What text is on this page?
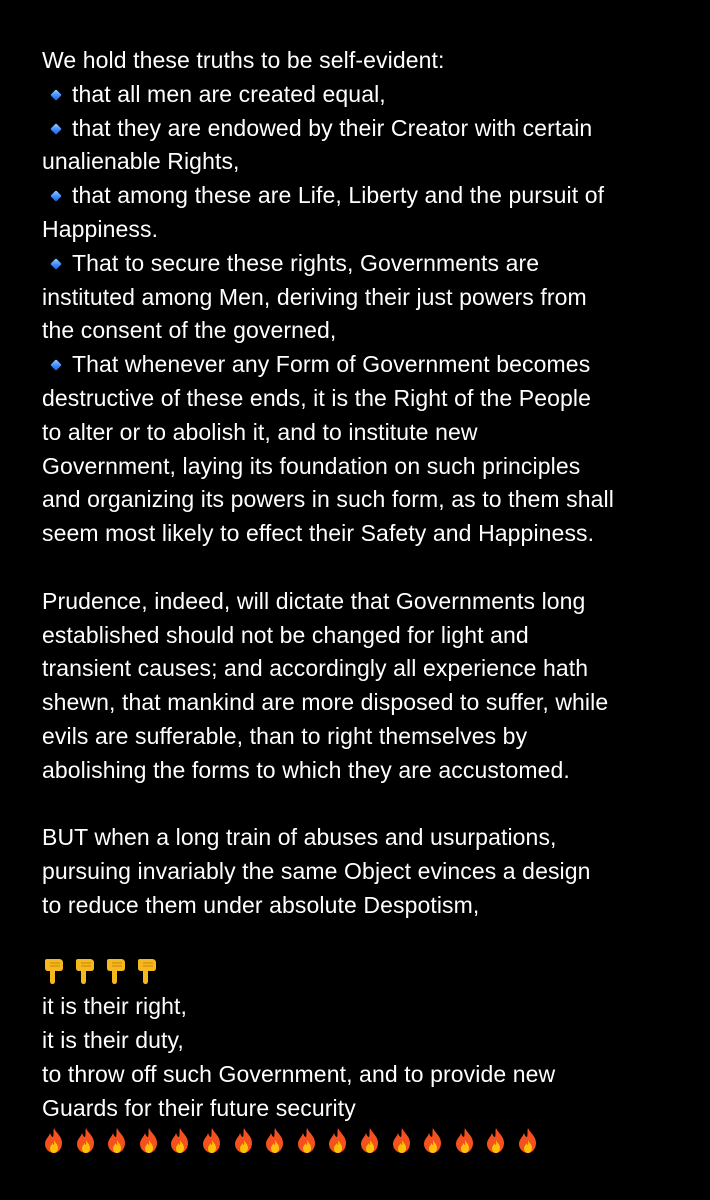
We hold these truths to be self-evident:
that all men are created equal,
that they are endowed by their Creator with certain
unalienable Rights,
that among these are Life, Liberty and the pursuit of
Happiness.
That to secure these rights, Governments are
instituted among Men, deriving their just powers from
the consent of the governed,
That whenever any Form of Government becomes
destructive of these ends, it is the Right of the People
to alter or to abolish it, and to institute new
Government, laying its foundation on such principles
and organizing its powers in such form, as to them shall
seem most likely to effect their Safety and Happiness.
Prudence, indeed, will dictate that Governments long
established should not be changed for light and
transient causes; and accordingly all experience hath
shewn, that mankind are more disposed to suffer, while
evils are sufferable, than to right themselves by
abolishing the forms to which they are accustomed.
BUT when a long train of abuses and usurpations,
pursuing invariably the same Object evinces a design
to reduce them under absolute Despotism,
it is their right,
it is their duty,
to throw off such Government, and to provide new
Guards for their future security
